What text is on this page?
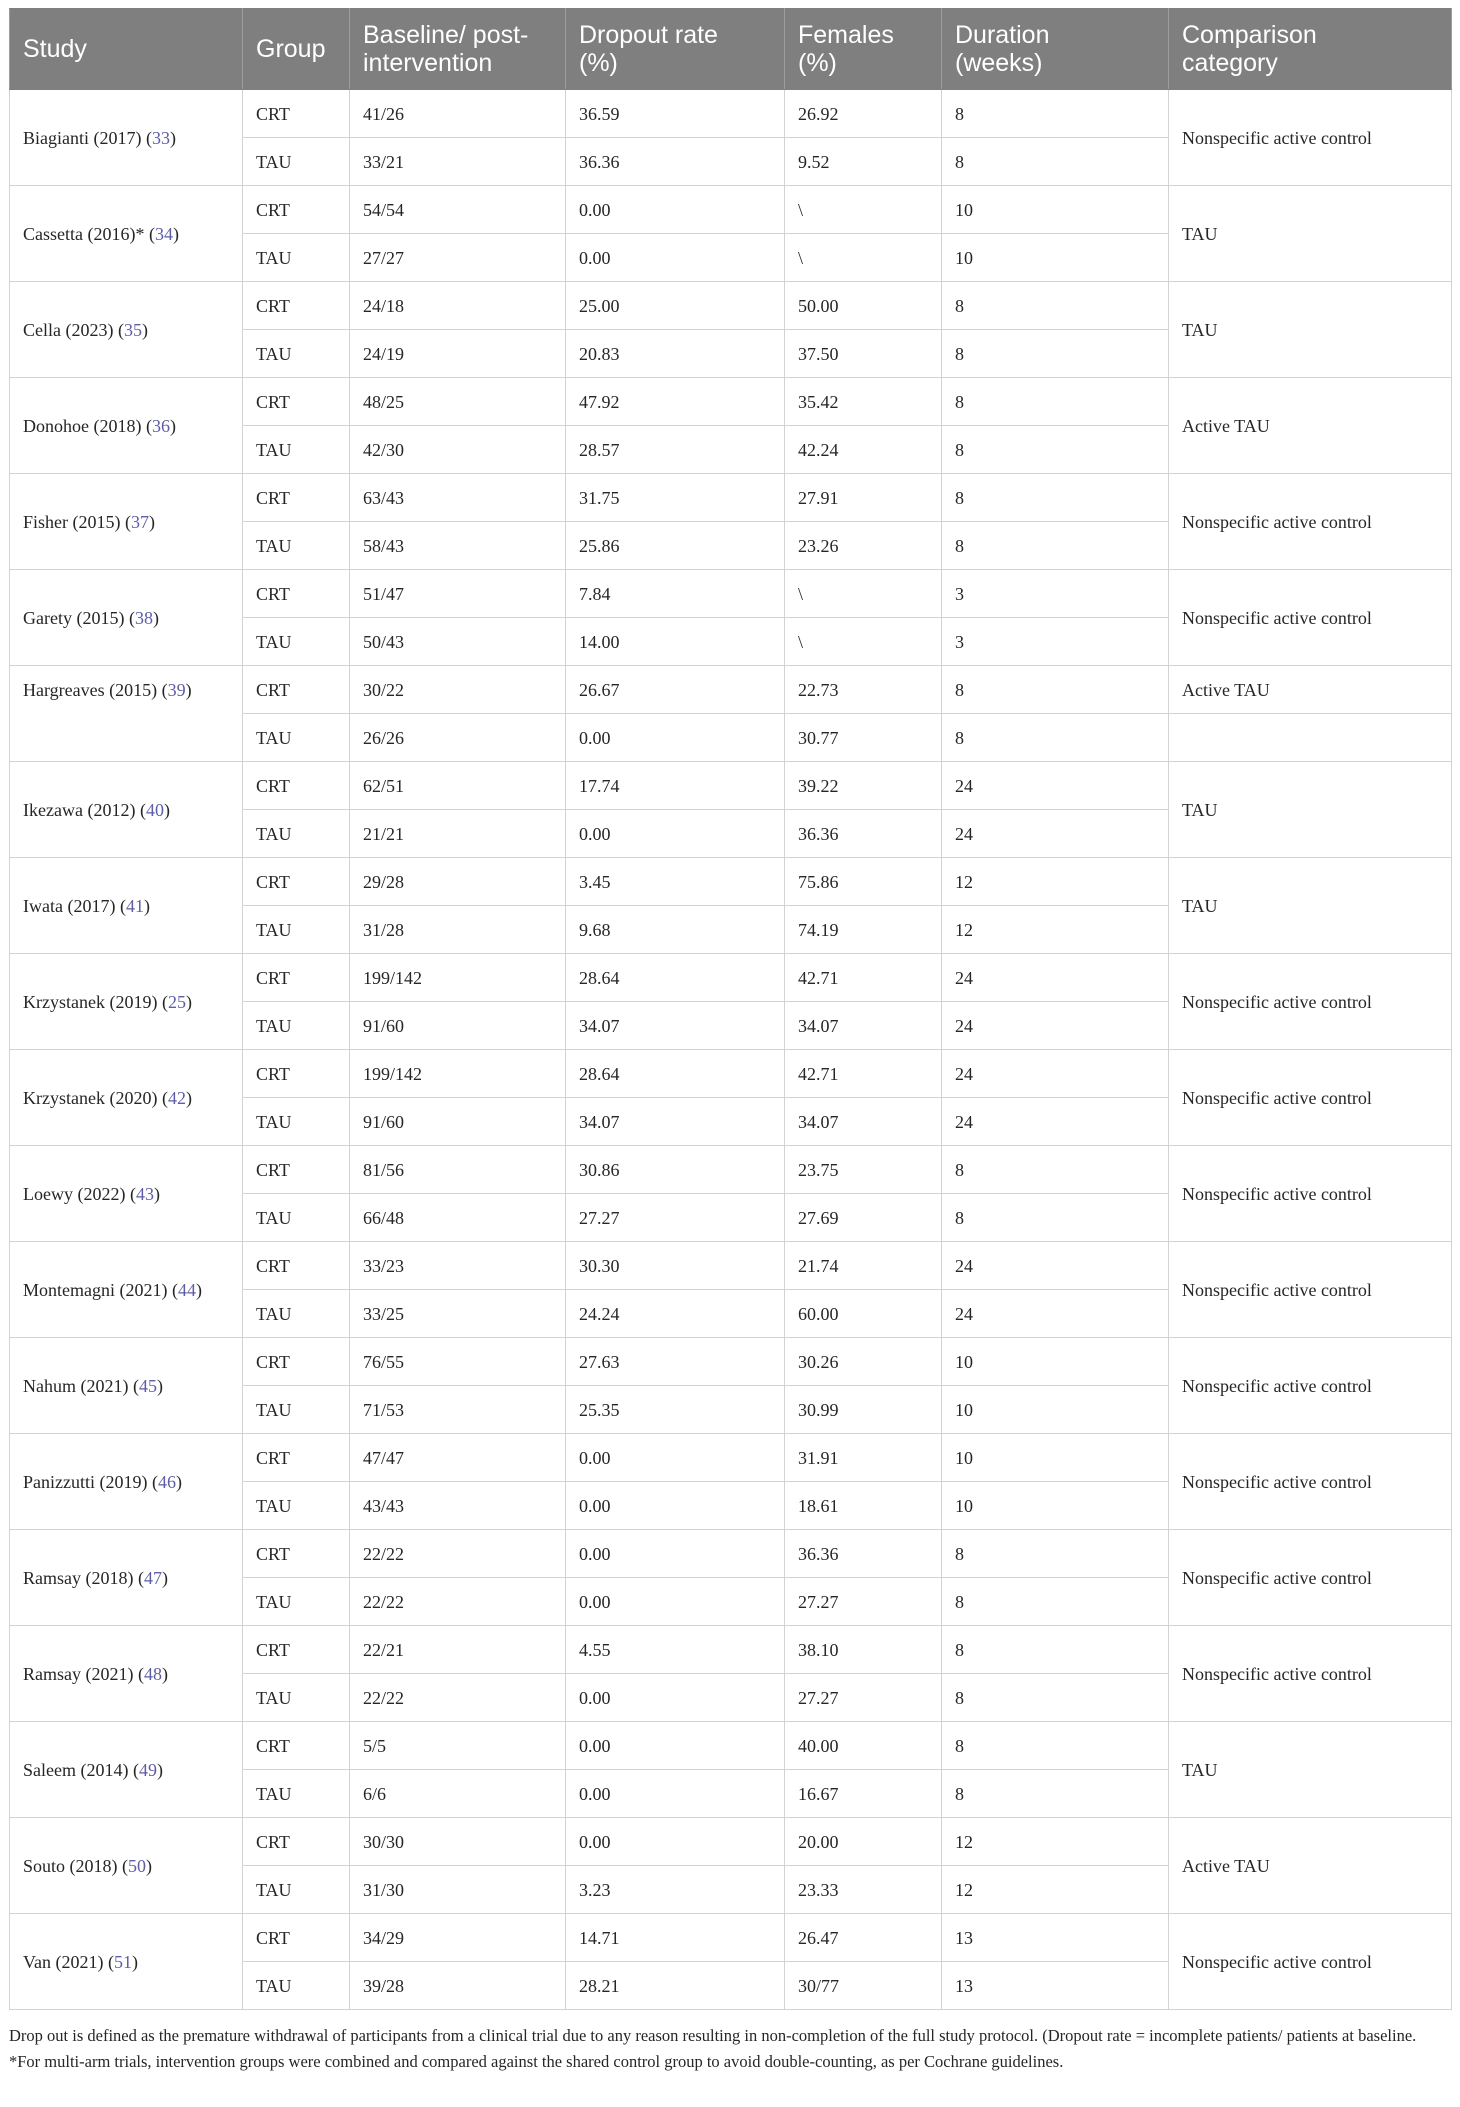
Study	Group	Baseline/ post-intervention	Dropout rate (%)	Females (%)	Duration (weeks)	Comparison category
Biagianti (2017) ( 33 )	CRT	41/26	36.59	26.92	8	Nonspecific active control
	TAU	33/21	36.36	9.52	8	
Cassetta (2016)* ( 34 )	CRT	54/54	0.00	\	10	TAU
	TAU	27/27	0.00	\	10	
Cella (2023) ( 35 )	CRT	24/18	25.00	50.00	8	TAU
	TAU	24/19	20.83	37.50	8	
Donohoe (2018) ( 36 )	CRT	48/25	47.92	35.42	8	Active TAU
	TAU	42/30	28.57	42.24	8	
Fisher (2015) ( 37 )	CRT	63/43	31.75	27.91	8	Nonspecific active control
	TAU	58/43	25.86	23.26	8	
Garety (2015) ( 38 )	CRT	51/47	7.84	\	3	Nonspecific active control
	TAU	50/43	14.00	\	3	
Hargreaves (2015) ( 39 )	CRT	30/22	26.67	22.73	8	Active TAU
	TAU	26/26	0.00	30.77	8	
Ikezawa (2012) ( 40 )	CRT	62/51	17.74	39.22	24	TAU
	TAU	21/21	0.00	36.36	24	
Iwata (2017) ( 41 )	CRT	29/28	3.45	75.86	12	TAU
	TAU	31/28	9.68	74.19	12	
Krzystanek (2019) ( 25 )	CRT	199/142	28.64	42.71	24	Nonspecific active control
	TAU	91/60	34.07	34.07	24	
Krzystanek (2020) ( 42 )	CRT	199/142	28.64	42.71	24	Nonspecific active control
	TAU	91/60	34.07	34.07	24	
Loewy (2022) ( 43 )	CRT	81/56	30.86	23.75	8	Nonspecific active control
	TAU	66/48	27.27	27.69	8	
Montemagni (2021) ( 44 )	CRT	33/23	30.30	21.74	24	Nonspecific active control
	TAU	33/25	24.24	60.00	24	
Nahum (2021) ( 45 )	CRT	76/55	27.63	30.26	10	Nonspecific active control
	TAU	71/53	25.35	30.99	10	
Panizzutti (2019) ( 46 )	CRT	47/47	0.00	31.91	10	Nonspecific active control
	TAU	43/43	0.00	18.61	10	
Ramsay (2018) ( 47 )	CRT	22/22	0.00	36.36	8	Nonspecific active control
	TAU	22/22	0.00	27.27	8	
Ramsay (2021) ( 48 )	CRT	22/21	4.55	38.10	8	Nonspecific active control
	TAU	22/22	0.00	27.27	8	
Saleem (2014) ( 49 )	CRT	5/5	0.00	40.00	8	TAU
	TAU	6/6	0.00	16.67	8	
Souto (2018) ( 50 )	CRT	30/30	0.00	20.00	12	Active TAU
	TAU	31/30	3.23	23.33	12	
Van (2021) ( 51 )	CRT	34/29	14.71	26.47	13	Nonspecific active control
	TAU	39/28	28.21	30/77	13	

Drop out is defined as the premature withdrawal of participants from a clinical trial due to any reason resulting in non-completion of the full study protocol. (Dropout rate = incomplete patients/ patients at baseline.

*For multi-arm trials, intervention groups were combined and compared against the shared control group to avoid double-counting, as per Cochrane guidelines.
